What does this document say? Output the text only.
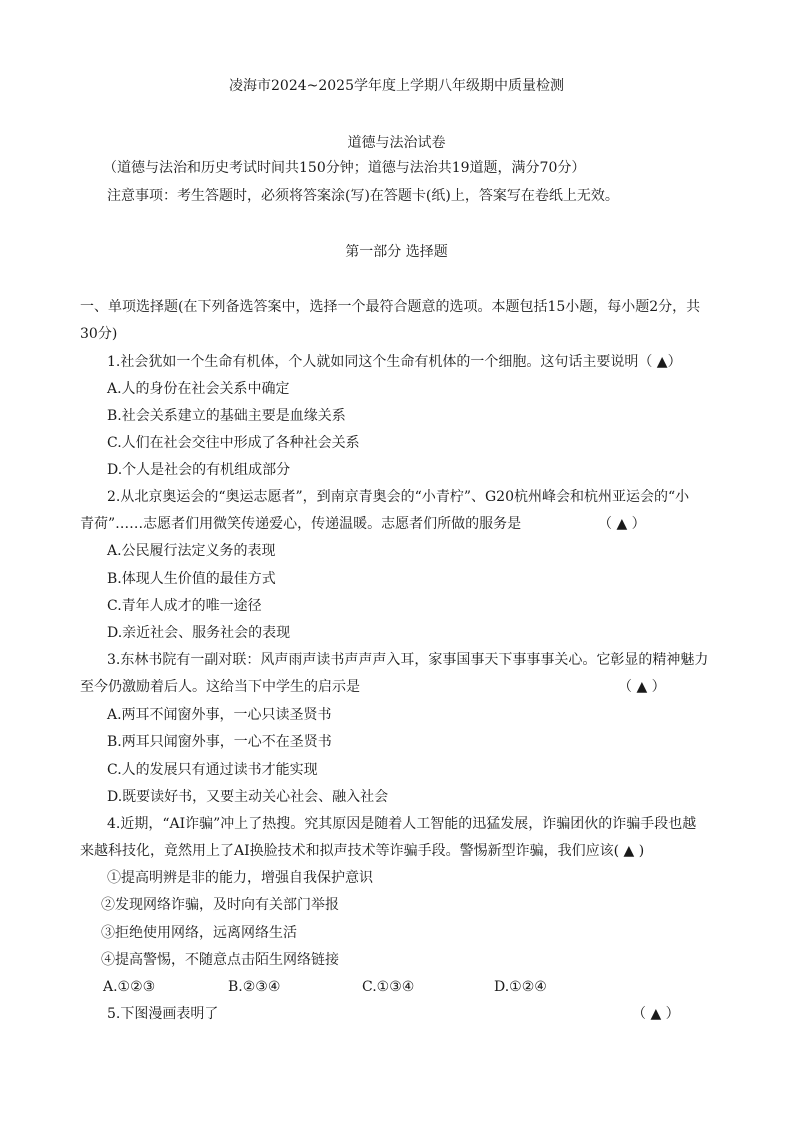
凌海市2024~2025学年度上学期八年级期中质量检测
道德与法治试卷
（道德与法治和历史考试时间共150分钟；道德与法治共19道题，满分70分）
注意事项：考生答题时，必须将答案涂(写)在答题卡(纸)上，答案写在卷纸上无效。
第一部分 选择题
一、单项选择题(在下列备选答案中，选择一个最符合题意的选项。本题包括15小题，每小题2分，共
30分)
1.社会犹如一个生命有机体，个人就如同这个生命有机体的一个细胞。这句话主要说明（ ▲）
A.人的身份在社会关系中确定
B.社会关系建立的基础主要是血缘关系
C.人们在社会交往中形成了各种社会关系
D.个人是社会的有机组成部分
2.从北京奥运会的“奥运志愿者”，到南京青奥会的“小青柠”、G20杭州峰会和杭州亚运会的“小
青荷”……志愿者们用微笑传递爱心，传递温暖。志愿者们所做的服务是	（ ▲ ）
A.公民履行法定义务的表现
B.体现人生价值的最佳方式
C.青年人成才的唯一途径
D.亲近社会、服务社会的表现
3.东林书院有一副对联：风声雨声读书声声声入耳，家事国事天下事事事关心。它彰显的精神魅力
至今仍激励着后人。这给当下中学生的启示是	（ ▲ ）
A.两耳不闻窗外事，一心只读圣贤书
B.两耳只闻窗外事，一心不在圣贤书
C.人的发展只有通过读书才能实现
D.既要读好书，又要主动关心社会、融入社会
4.近期，“AI诈骗”冲上了热搜。究其原因是随着人工智能的迅猛发展，诈骗团伙的诈骗手段也越
来越科技化，竟然用上了AI换脸技术和拟声技术等诈骗手段。警惕新型诈骗，我们应该( ▲ )
①提高明辨是非的能力，增强自我保护意识
②发现网络诈骗，及时向有关部门举报
③拒绝使用网络，远离网络生活
④提高警惕，不随意点击陌生网络链接
A.①②③	B.②③④	C.①③④	D.①②④
5.下图漫画表明了	（ ▲ ）
